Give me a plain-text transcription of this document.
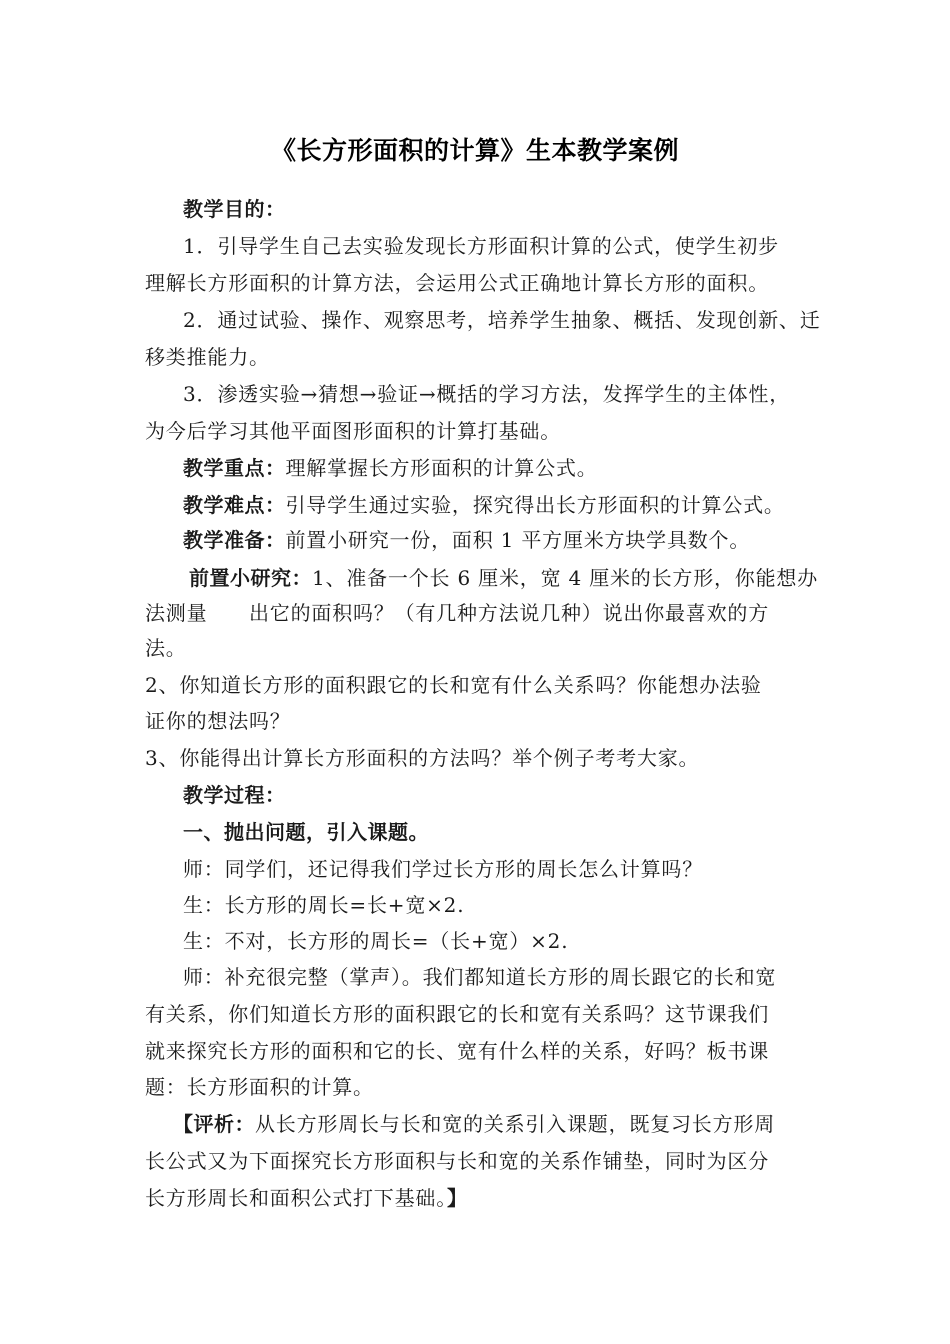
《长方形面积的计算》生本教学案例
教学目的：
1．引导学生自己去实验发现长方形面积计算的公式，使学生初步
理解长方形面积的计算方法，会运用公式正确地计算长方形的面积。
2．通过试验、操作、观察思考，培养学生抽象、概括、发现创新、迁
移类推能力。
3．渗透实验→猜想→验证→概括的学习方法，发挥学生的主体性，
为今后学习其他平面图形面积的计算打基础。
教学重点：理解掌握长方形面积的计算公式。
教学难点：引导学生通过实验，探究得出长方形面积的计算公式。
教学准备：前置小研究一份，面积 1 平方厘米方块学具数个。
前置小研究：1、准备一个长 6 厘米，宽 4 厘米的长方形，你能想办
法测量　　出它的面积吗？（有几种方法说几种）说出你最喜欢的方
法。
2、你知道长方形的面积跟它的长和宽有什么关系吗？你能想办法验
证你的想法吗？
3、你能得出计算长方形面积的方法吗？举个例子考考大家。
教学过程：
一、抛出问题，引入课题。
师：同学们，还记得我们学过长方形的周长怎么计算吗？
生：长方形的周长=长+宽×2.
生：不对，长方形的周长=（长+宽）×2.
师：补充很完整（掌声）。我们都知道长方形的周长跟它的长和宽
有关系，你们知道长方形的面积跟它的长和宽有关系吗？这节课我们
就来探究长方形的面积和它的长、宽有什么样的关系，好吗？板书课
题：长方形面积的计算。
【评析：从长方形周长与长和宽的关系引入课题，既复习长方形周
长公式又为下面探究长方形面积与长和宽的关系作铺垫，同时为区分
长方形周长和面积公式打下基础。】
